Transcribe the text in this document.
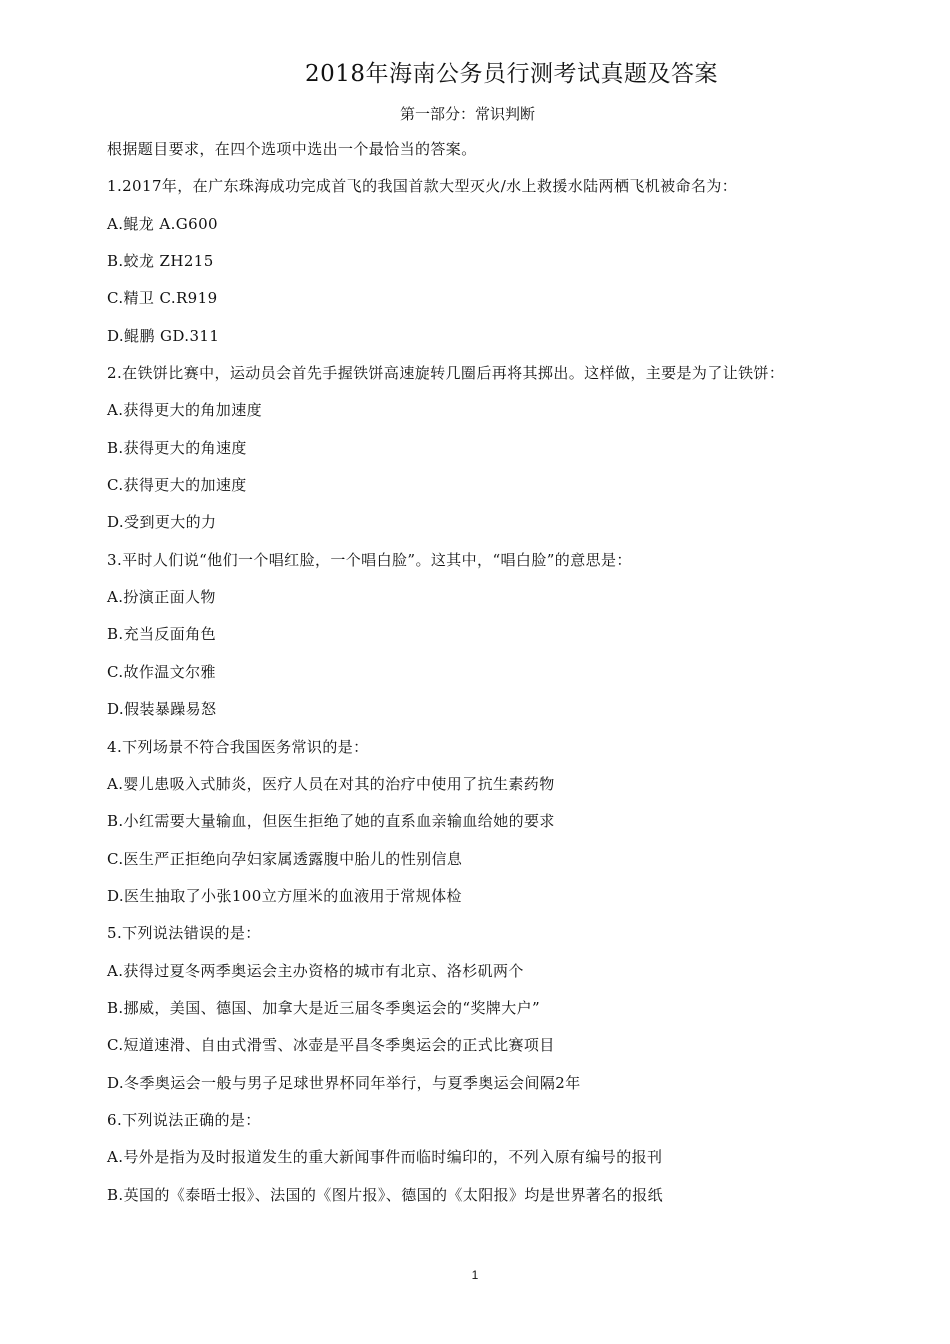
2018年海南公务员行测考试真题及答案
第一部分：常识判断
根据题目要求，在四个选项中选出一个最恰当的答案。
1.2017年，在广东珠海成功完成首飞的我国首款大型灭火/水上救援水陆两栖飞机被命名为：
A.鲲龙 A.G600
B.蛟龙 ZH215
C.精卫 C.R919
D.鲲鹏 GD.311
2.在铁饼比赛中，运动员会首先手握铁饼高速旋转几圈后再将其掷出。这样做，主要是为了让铁饼：
A.获得更大的角加速度
B.获得更大的角速度
C.获得更大的加速度
D.受到更大的力
3.平时人们说“他们一个唱红脸，一个唱白脸”。这其中，“唱白脸”的意思是：
A.扮演正面人物
B.充当反面角色
C.故作温文尔雅
D.假装暴躁易怒
4.下列场景不符合我国医务常识的是：
A.婴儿患吸入式肺炎，医疗人员在对其的治疗中使用了抗生素药物
B.小红需要大量输血，但医生拒绝了她的直系血亲输血给她的要求
C.医生严正拒绝向孕妇家属透露腹中胎儿的性别信息
D.医生抽取了小张100立方厘米的血液用于常规体检
5.下列说法错误的是：
A.获得过夏冬两季奥运会主办资格的城市有北京、洛杉矶两个
B.挪威，美国、德国、加拿大是近三届冬季奥运会的“奖牌大户”
C.短道速滑、自由式滑雪、冰壶是平昌冬季奥运会的正式比赛项目
D.冬季奥运会一般与男子足球世界杯同年举行，与夏季奥运会间隔2年
6.下列说法正确的是：
A.号外是指为及时报道发生的重大新闻事件而临时编印的，不列入原有编号的报刊
B.英国的《泰晤士报》、法国的《图片报》、德国的《太阳报》均是世界著名的报纸
1
